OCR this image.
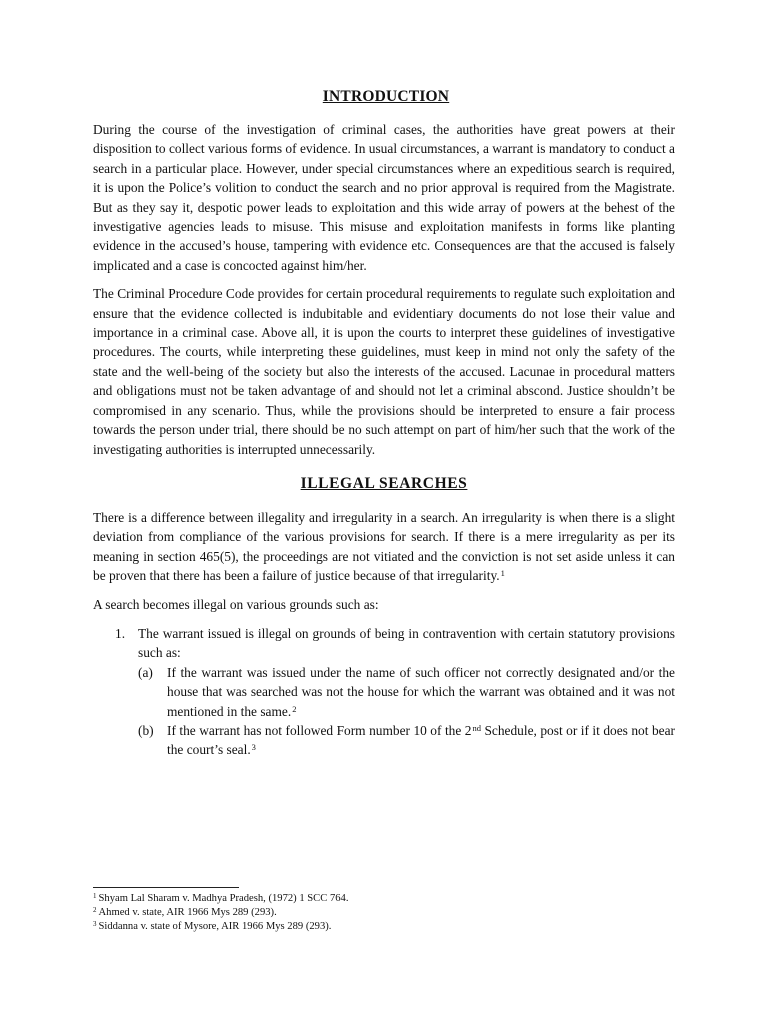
INTRODUCTION

During the course of the investigation of criminal cases, the authorities have great powers at their disposition to collect various forms of evidence. In usual circumstances, a warrant is mandatory to conduct a search in a particular place. However, under special circumstances where an expeditious search is required, it is upon the Police’s volition to conduct the search and no prior approval is required from the Magistrate. But as they say it, despotic power leads to exploitation and this wide array of powers at the behest of the investigative agencies leads to misuse. This misuse and exploitation manifests in forms like planting evidence in the accused’s house, tampering with evidence etc. Consequences are that the accused is falsely implicated and a case is concocted against him/her.

The Criminal Procedure Code provides for certain procedural requirements to regulate such exploitation and ensure that the evidence collected is indubitable and evidentiary documents do not lose their value and importance in a criminal case. Above all, it is upon the courts to interpret these guidelines of investigative procedures. The courts, while interpreting these guidelines, must keep in mind not only the safety of the state and the well-being of the society but also the interests of the accused. Lacunae in procedural matters and obligations must not be taken advantage of and should not let a criminal abscond. Justice shouldn’t be compromised in any scenario. Thus, while the provisions should be interpreted to ensure a fair process towards the person under trial, there should be no such attempt on part of him/her such that the work of the investigating authorities is interrupted unnecessarily.

ILLEGAL SEARCHES

There is a difference between illegality and irregularity in a search. An irregularity is when there is a slight deviation from compliance of the various provisions for search. If there is a mere irregularity as per its meaning in section 465(5), the proceedings are not vitiated and the conviction is not set aside unless it can be proven that there has been a failure of justice because of that irregularity.$^1$

A search becomes illegal on various grounds such as:

1. The warrant issued is illegal on grounds of being in contravention with certain statutory provisions such as:
(a) If the warrant was issued under the name of such officer not correctly designated and/or the house that was searched was not the house for which the warrant was obtained and it was not mentioned in the same.$^2$
(b) If the warrant has not followed Form number 10 of the 2nd Schedule, post or if it does not bear the court’s seal.$^3$
$^1$ Shyam Lal Sharam v. Madhya Pradesh, (1972) 1 SCC 764.
$^2$ Ahmed v. state, AIR 1966 Mys 289 (293).
$^3$ Siddanna v. state of Mysore, AIR 1966 Mys 289 (293).
